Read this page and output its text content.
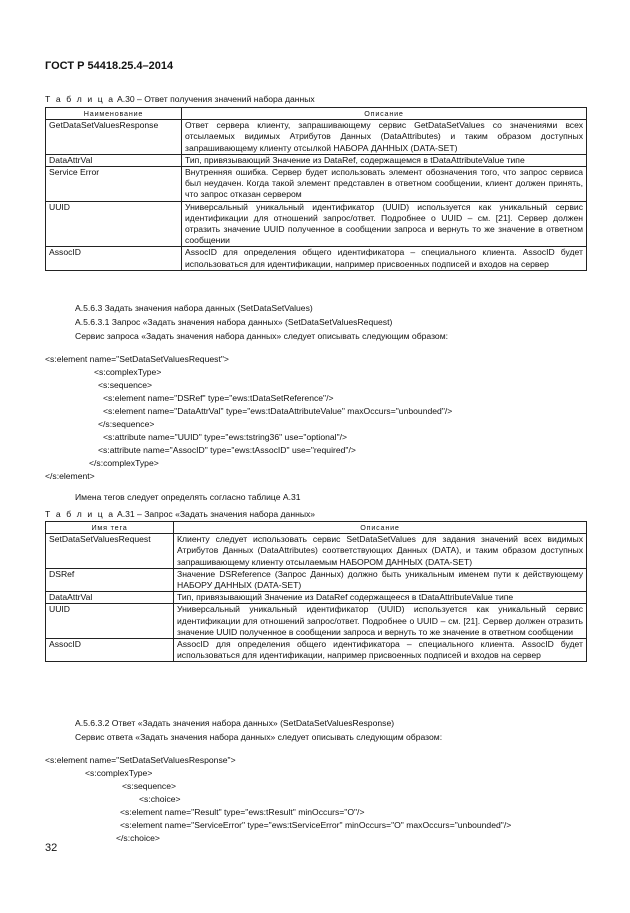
ГОСТ Р 54418.25.4–2014
Т а б л и ц а A.30 – Ответ получения значений набора данных
Наименование	Описание
GetDataSetValuesResponse	Ответ сервера клиенту, запрашивающему сервис GetDataSetValues со значениями всех отсылаемых видимых Атрибутов Данных (DataAttributes) и таким образом доступных запрашивающему клиенту отсылкой НАБОРА ДАННЫХ (DATA-SET)
DataAttrVal	Тип, привязывающий Значение из DataRef, содержащемся в tDataAttributeValue типе
Service Error	Внутренняя ошибка. Сервер будет использовать элемент обозначения того, что запрос сервиса был неудачен. Когда такой элемент представлен в ответном сообщении, клиент должен принять, что запрос отказан сервером
UUID	Универсальный уникальный идентификатор (UUID) используется как уникальный сервис идентификации для отношений запрос/ответ. Подробнее о UUID – см. [21]. Сервер должен отразить значение UUID полученное в сообщении запроса и вернуть то же значение в ответном сообщении
AssocID	AssocID для определения общего идентификатора – специального клиента. AssocID будет использоваться для идентификации, например присвоенных подписей и входов на сервер
A.5.6.3 Задать значения набора данных (SetDataSetValues)
A.5.6.3.1 Запрос «Задать значения набора данных» (SetDataSetValuesRequest)
Сервис запроса «Задать значения набора данных» следует описывать следующим образом:
<s:element name="SetDataSetValuesRequest">
<s:complexType>
<s:sequence>
<s:element name="DSRef" type="ews:tDataSetReference"/>
<s:element name="DataAttrVal" type="ews:tDataAttributeValue" maxOccurs="unbounded"/>
</s:sequence>
<s:attribute name="UUID" type="ews:tstring36" use="optional"/>
<s:attribute name="AssocID" type="ews:tAssocID" use="required"/>
</s:complexType>
</s:element>
Имена тегов следует определять согласно таблице А.31
Т а б л и ц а A.31 – Запрос «Задать значения набора данных»
Имя тега	Описание
SetDataSetValuesRequest	Клиенту следует использовать сервис SetDataSetValues для задания значений всех видимых Атрибутов Данных (DataAttributes) соответствующих Данных (DATA), и таким образом доступных запрашивающему клиенту отсылаемым НАБОРОМ ДАННЫХ (DATA-SET)
DSRef	Значение DSReference (Запрос Данных) должно быть уникальным именем пути к действующему НАБОРУ ДАННЫХ (DATA-SET)
DataAttrVal	Тип, привязывающий Значение из DataRef содержащееся в tDataAttributeValue типе
UUID	Универсальный уникальный идентификатор (UUID) используется как уникальный сервис идентификации для отношений запрос/ответ. Подробнее о UUID – см. [21]. Сервер должен отразить значение UUID полученное в сообщении запроса и вернуть то же значение в ответном сообщении
AssocID	AssocID для определения общего идентификатора – специального клиента. AssocID будет использоваться для идентификации, например присвоенных подписей и входов на сервер
A.5.6.3.2 Ответ «Задать значения набора данных» (SetDataSetValuesResponse)
Сервис ответа «Задать значения набора данных» следует описывать следующим образом:
<s:element name="SetDataSetValuesResponse">
<s:complexType>
<s:sequence>
<s:choice>
<s:element name="Result" type="ews:tResult" minOccurs="O"/>
<s:element name="ServiceError" type="ews:tServiceError" minOccurs="O" maxOccurs="unbounded"/>
</s:choice>
32
